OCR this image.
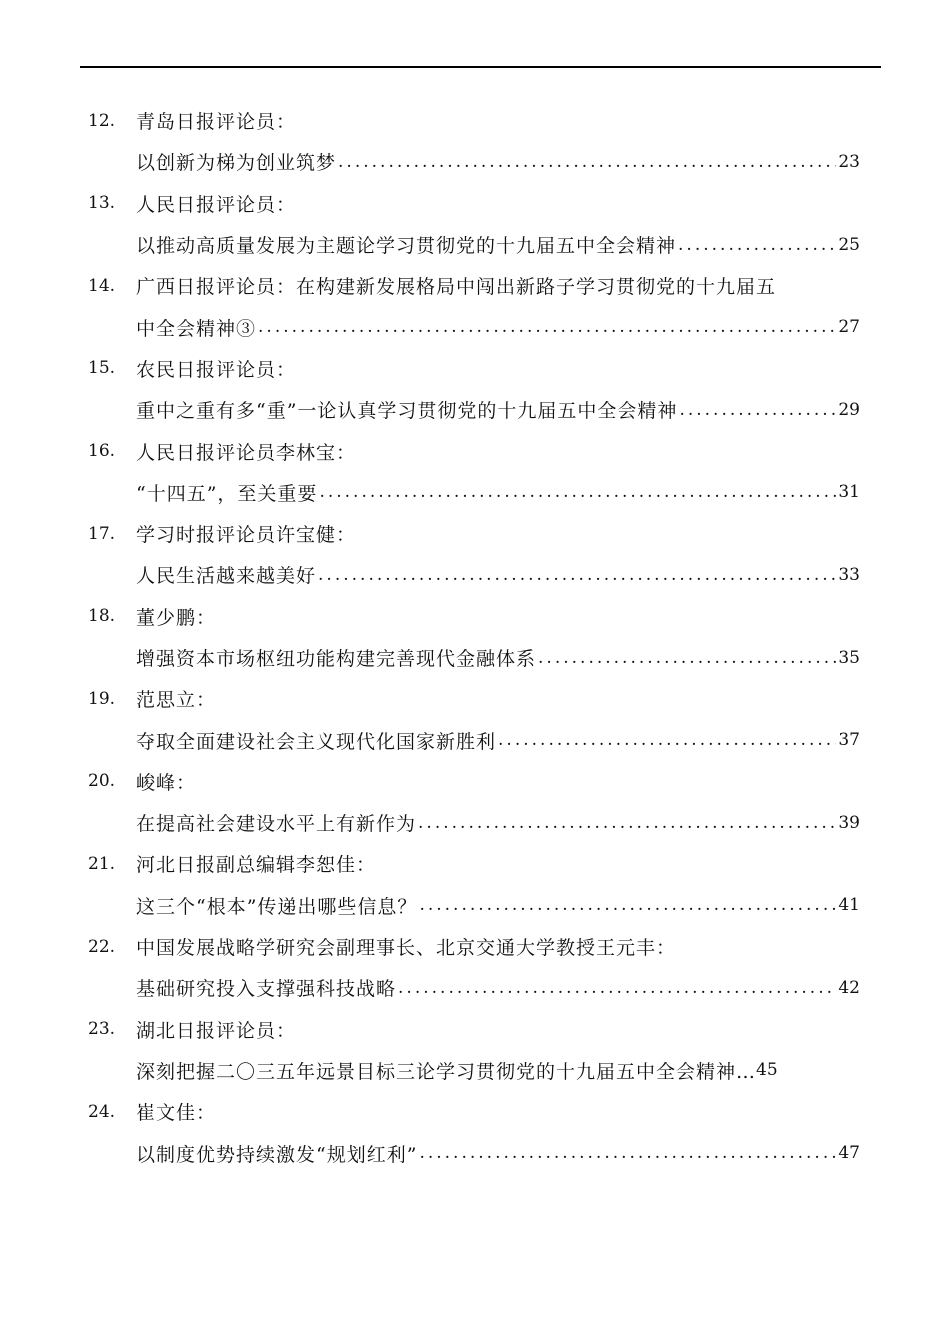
12.	青岛日报评论员：
以创新为梯为创业筑梦 .....	23
13.	人民日报评论员：
以推动高质量发展为主题论学习贯彻党的十九届五中全会精神 .....	25
14.	广西日报评论员：在构建新发展格局中闯出新路子学习贯彻党的十九届五
中全会精神③ .....	27
15.	农民日报评论员：
重中之重有多“重”一论认真学习贯彻党的十九届五中全会精神 .....	29
16.	人民日报评论员李林宝：
“十四五”，至关重要 .....	31
17.	学习时报评论员许宝健：
人民生活越来越美好 .....	33
18.	董少鹏：
增强资本市场枢纽功能构建完善现代金融体系 .....	35
19.	范思立：
夺取全面建设社会主义现代化国家新胜利 .....	37
20.	峻峰：
在提高社会建设水平上有新作为 .....	39
21.	河北日报副总编辑李恕佳：
这三个“根本”传递出哪些信息？ .....	41
22.	中国发展战略学研究会副理事长、北京交通大学教授王元丰：
基础研究投入支撑强科技战略 .....	42
23.	湖北日报评论员：
深刻把握二〇三五年远景目标三论学习贯彻党的十九届五中全会精神… 45
24.	崔文佳：
以制度优势持续激发“规划红利” .....	47
